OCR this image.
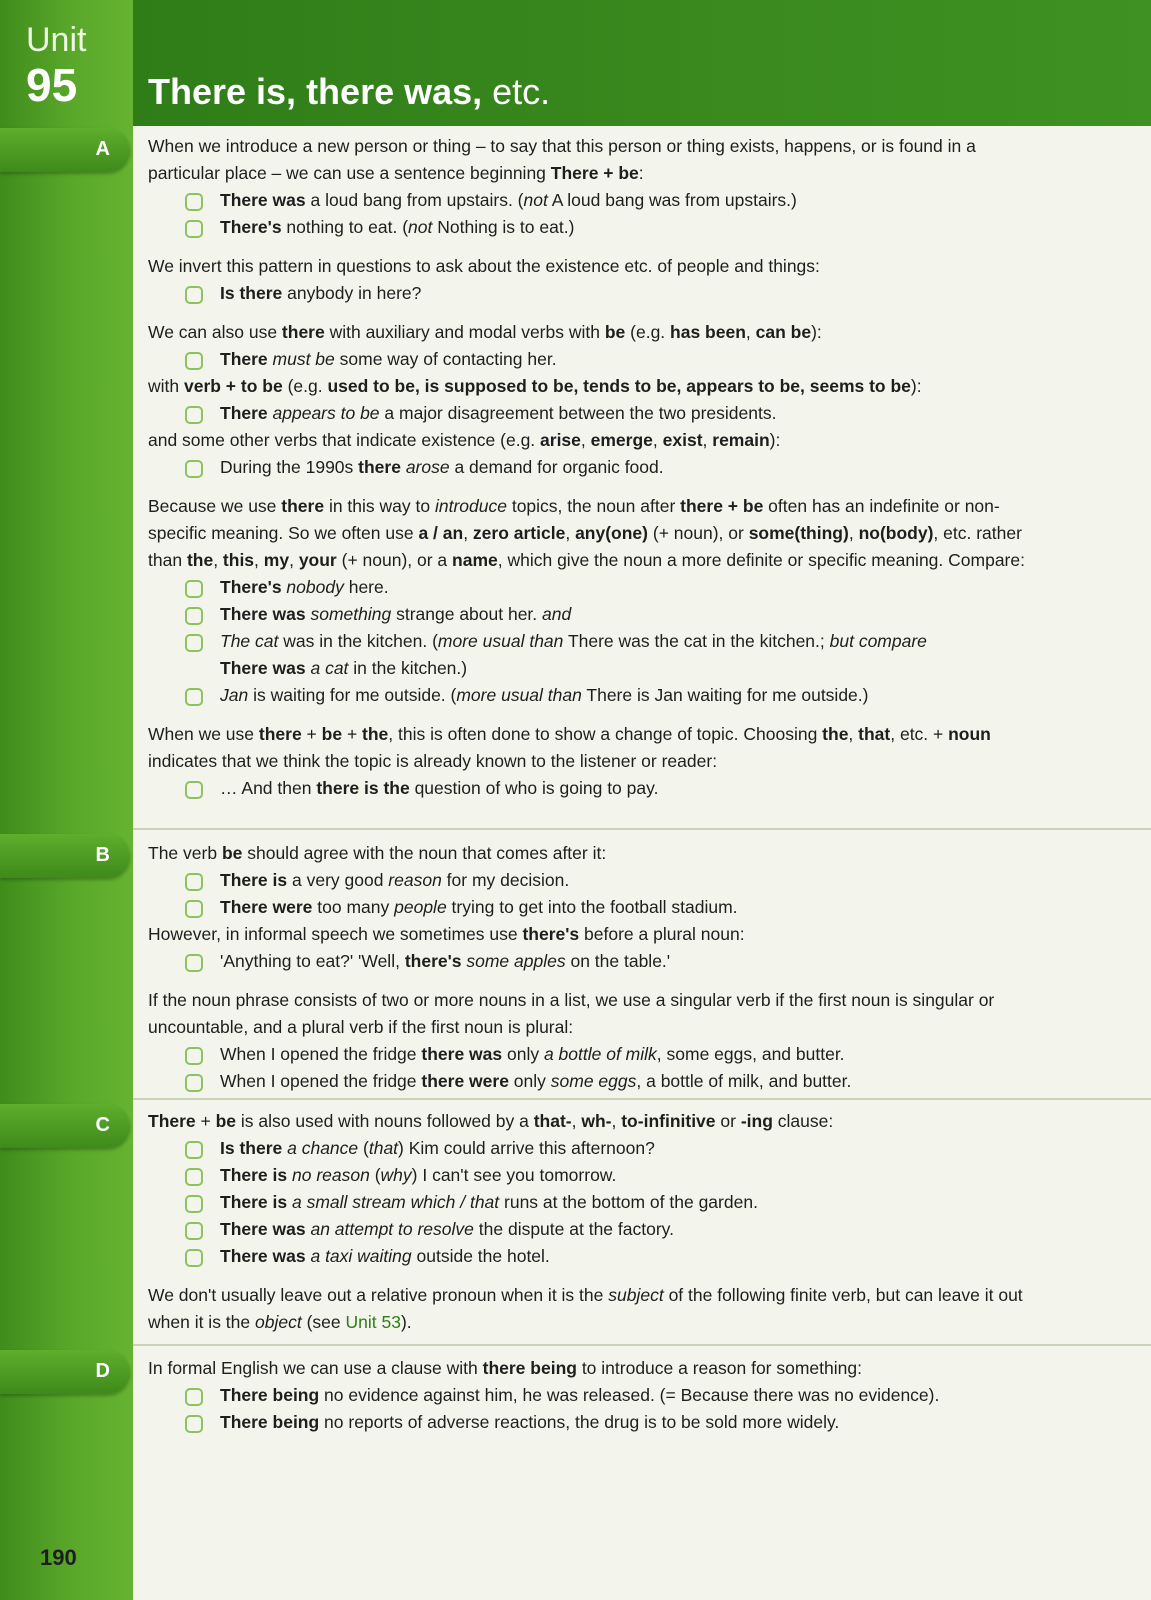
Unit
95 There is, there was, etc.
A
B
C
D

When we introduce a new person or thing – to say that this person or thing exists, happens, or is found in a particular place – we can use a sentence beginning There + be:

There was a loud bang from upstairs. (not A loud bang was from upstairs.)

There's nothing to eat. (not Nothing is to eat.)

We invert this pattern in questions to ask about the existence etc. of people and things:

Is there anybody in here?

We can also use there with auxiliary and modal verbs with be (e.g. has been, can be):

There must be some way of contacting her.

with verb + to be (e.g. used to be, is supposed to be, tends to be, appears to be, seems to be):

There appears to be a major disagreement between the two presidents.

and some other verbs that indicate existence (e.g. arise, emerge, exist, remain):

During the 1990s there arose a demand for organic food.

Because we use there in this way to introduce topics, the noun after there + be often has an indefinite or non-specific meaning. So we often use a / an, zero article, any(one) (+ noun), or some(thing), no(body), etc. rather than the, this, my, your (+ noun), or a name, which give the noun a more definite or specific meaning. Compare:

There's nobody here.

There was something strange about her. and

The cat was in the kitchen. (more usual than There was the cat in the kitchen.; but compare
There was a cat in the kitchen.)

Jan is waiting for me outside. (more usual than There is Jan waiting for me outside.)

When we use there + be + the, this is often done to show a change of topic. Choosing the, that, etc. + noun indicates that we think the topic is already known to the listener or reader:

… And then there is the question of who is going to pay.

The verb be should agree with the noun that comes after it:

There is a very good reason for my decision.

There were too many people trying to get into the football stadium.

However, in informal speech we sometimes use there's before a plural noun:

'Anything to eat?' 'Well, there's some apples on the table.'

If the noun phrase consists of two or more nouns in a list, we use a singular verb if the first noun is singular or uncountable, and a plural verb if the first noun is plural:

When I opened the fridge there was only a bottle of milk, some eggs, and butter.

When I opened the fridge there were only some eggs, a bottle of milk, and butter.

There + be is also used with nouns followed by a that-, wh-, to-infinitive or -ing clause:

Is there a chance (that) Kim could arrive this afternoon?

There is no reason (why) I can't see you tomorrow.

There is a small stream which / that runs at the bottom of the garden.

There was an attempt to resolve the dispute at the factory.

There was a taxi waiting outside the hotel.

We don't usually leave out a relative pronoun when it is the subject of the following finite verb, but can leave it out when it is the object (see Unit 53).

In formal English we can use a clause with there being to introduce a reason for something:

There being no evidence against him, he was released. (= Because there was no evidence).

There being no reports of adverse reactions, the drug is to be sold more widely.

190
